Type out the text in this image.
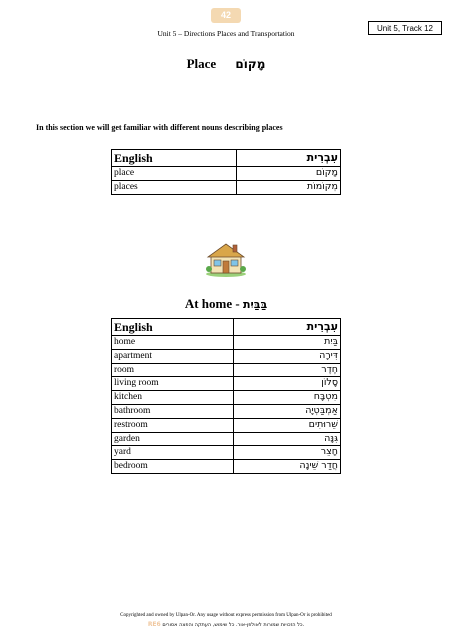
42
Unit 5 – Directions Places and Transportation
Unit 5, Track 12
Place מָקוֹם
In this section we will get familiar with different nouns describing places
English	עִבְרִית
place	מָקוֹם
places	מְקוֹמוֹת
At home - בַּבַּיִת
English	עִבְרִית
home	בַּיִת
apartment	דִּירָה
room	חֶדֶר
living room	סָלוֹן
kitchen	מִטְבָּח
bathroom	אַמְבַּטְיָה
restroom	שֵׁרוּתִים
garden	גִּנָּה
yard	חָצֵר
bedroom	חֲדַר שֵׁינָה
Copyrighted and owned by Ulpan-Or. Any usage without express permission from Ulpan-Or is prohibited
RE6 כל הזכויות שמורות לאולפן-אור. כל שימוש, העתקה והפצה אסורים.
